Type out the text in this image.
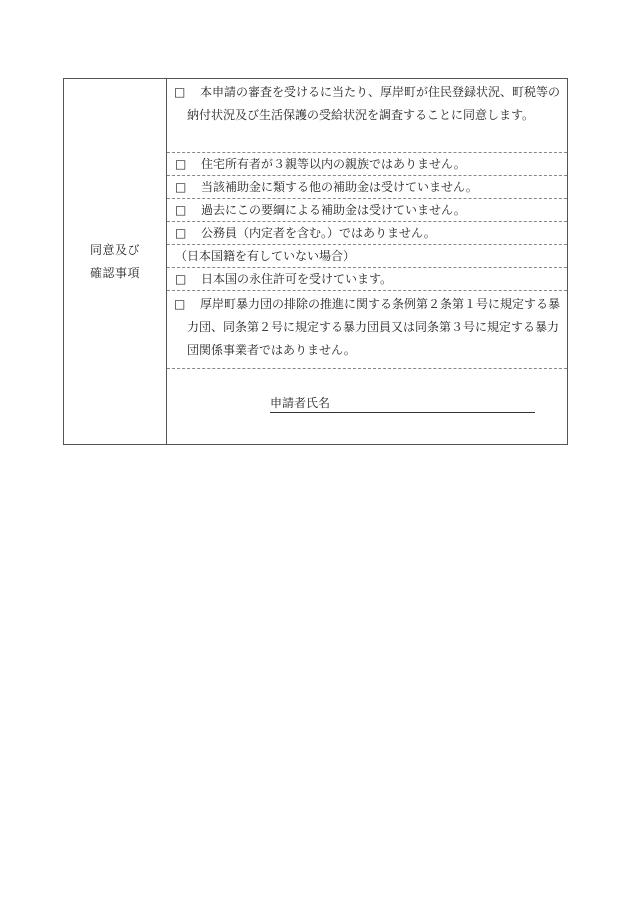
同意及び
確認事項
□ 本申請の審査を受けるに当たり、厚岸町が住民登録状況、町税等の納付状況及び生活保護の受給状況を調査することに同意します。
□ 住宅所有者が３親等以内の親族ではありません。
□ 当該補助金に類する他の補助金は受けていません。
□ 過去にこの要綱による補助金は受けていません。
□ 公務員（内定者を含む。）ではありません。
（日本国籍を有していない場合）
□ 日本国の永住許可を受けています。
□ 厚岸町暴力団の排除の推進に関する条例第２条第１号に規定する暴力団、同条第２号に規定する暴力団員又は同条第３号に規定する暴力団関係事業者ではありません。
申請者氏名
